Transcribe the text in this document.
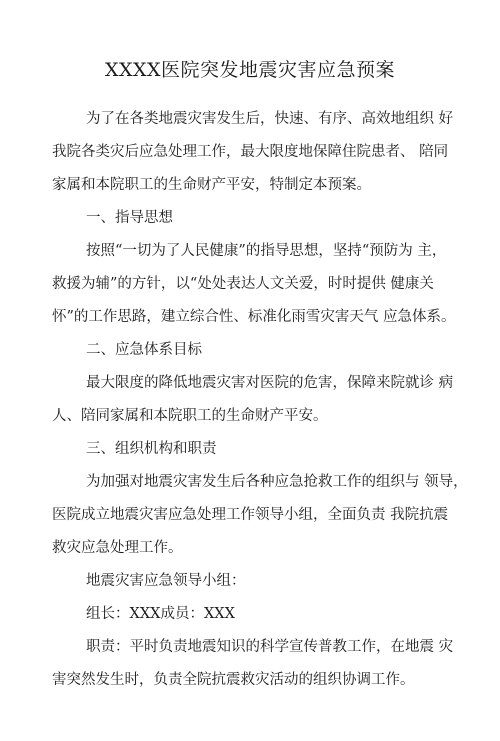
XXXX医院突发地震灾害应急预案
为了在各类地震灾害发生后，快速、有序、高效地组织 好
我院各类灾后应急处理工作，最大限度地保障住院患者、 陪同
家属和本院职工的生命财产平安，特制定本预案。
一、指导思想
按照“一切为了人民健康”的指导思想，坚持“预防为 主，
救援为辅”的方针，以“处处表达人文关爱，时时提供 健康关
怀”的工作思路，建立综合性、标准化雨雪灾害天气 应急体系。
二、应急体系目标
最大限度的降低地震灾害对医院的危害，保障来院就诊 病
人、陪同家属和本院职工的生命财产平安。
三、组织机构和职责
为加强对地震灾害发生后各种应急抢救工作的组织与 领导，
医院成立地震灾害应急处理工作领导小组，全面负责 我院抗震
救灾应急处理工作。
地震灾害应急领导小组：
组长：XXX成员：XXX
职责：平时负责地震知识的科学宣传普教工作，在地震 灾
害突然发生时，负责全院抗震救灾活动的组织协调工作。
